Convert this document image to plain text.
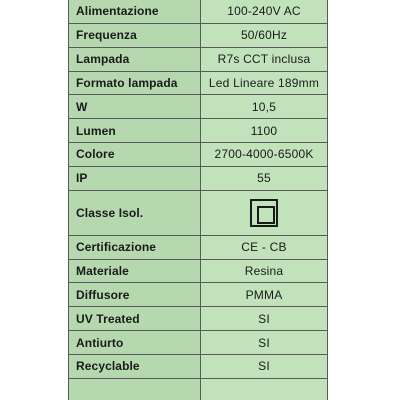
Alimentazione	100-240V AC
Frequenza	50/60Hz
Lampada	R7s CCT inclusa
Formato lampada	Led Lineare 189mm
W	10,5
Lumen	1100
Colore	2700-4000-6500K
IP	55
Classe Isol.	
Certificazione	CE - CB
Materiale	Resina
Diffusore	PMMA
UV Treated	SI
Antiurto	SI
Recyclable	SI
